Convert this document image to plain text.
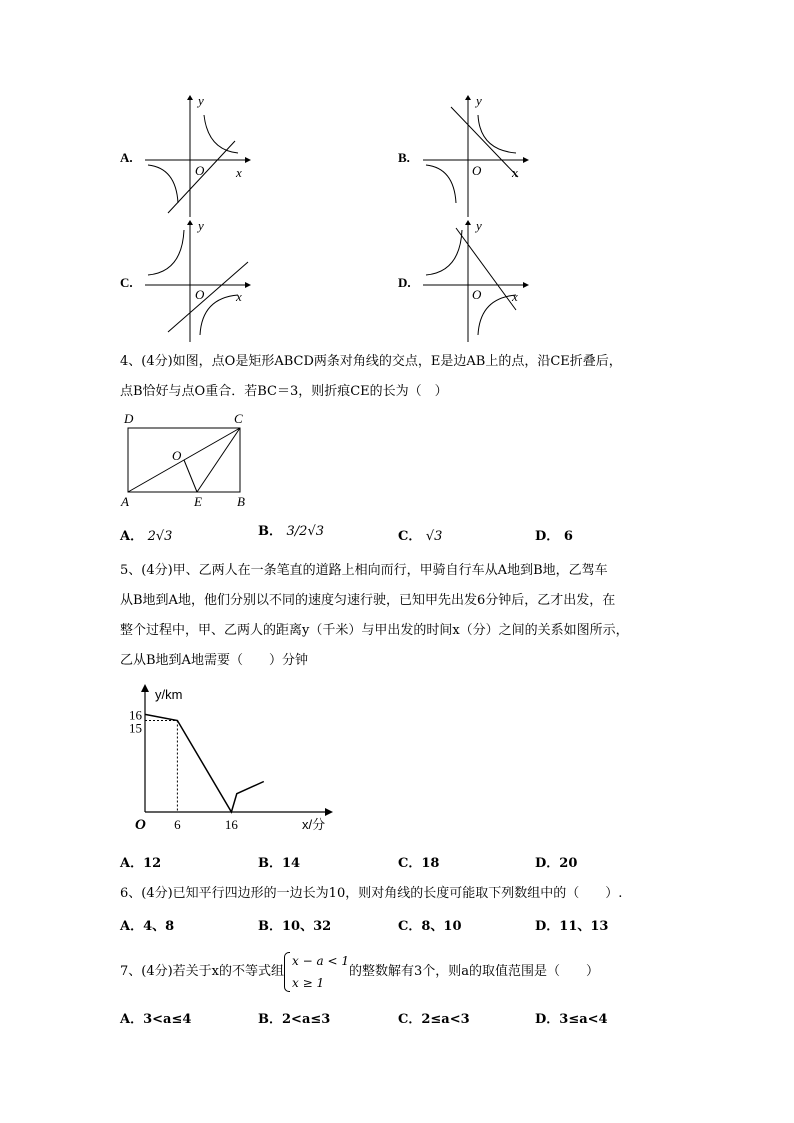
A.
y
x
O
B.
y
x
O
C.
y
x
O
D.
y
x
O
4、(4分)如图，点O是矩形ABCD两条对角线的交点，E是边AB上的点，沿CE折叠后，
点B恰好与点O重合．若BC＝3，则折痕CE的长为（　）
D	C
O
A	E	B
A． 2√3	B． 3/2√3	C． √3	D． 6
5、(4分)甲、乙两人在一条笔直的道路上相向而行，甲骑自行车从A地到B地，乙驾车
从B地到A地，他们分别以不同的速度匀速行驶，已知甲先出发6分钟后，乙才出发，在
整个过程中，甲、乙两人的距离y（千米）与甲出发的时间x（分）之间的关系如图所示，
乙从B地到A地需要（　　）分钟
y/km
x/分
O 6	16
16
15
A．12	B．14	C．18	D．20
6、(4分)已知平行四边形的一边长为10，则对角线的长度可能取下列数组中的（　　）.
A．4、8	B．10、32	C．8、10	D．11、13
7、(4分)若关于x的不等式组
x − a < 1
x ≥ 1
的整数解有3个，则a的取值范围是（　　）
A．3<a≤4	B．2<a≤3	C．2≤a<3	D．3≤a<4
